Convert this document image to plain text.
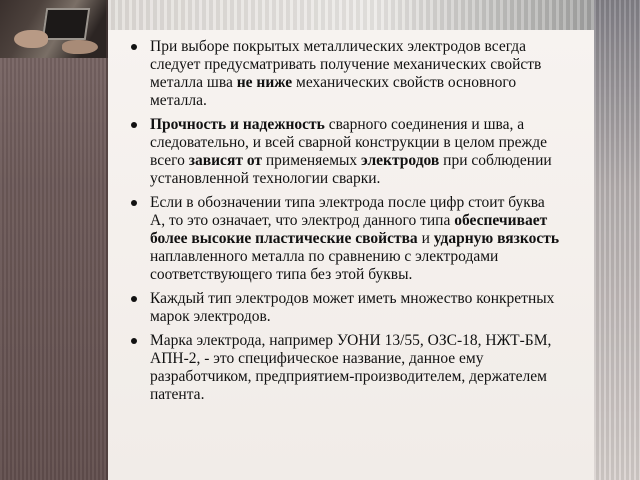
При выборе покрытых металлических электродов всегда следует предусматривать получение механических свойств металла шва не ниже механических свойств основного металла.
Прочность и надежность сварного соединения и шва, а следовательно, и всей сварной конструкции в целом прежде всего зависят от применяемых электродов при соблюдении установленной технологии сварки.
Если в обозначении типа электрода после цифр стоит буква А, то это означает, что электрод данного типа обеспечивает более высокие пластические свойства и ударную вязкость наплавленного металла по сравнению с электродами соответствующего типа без этой буквы.
Каждый тип электродов может иметь множество конкретных марок электродов.
Марка электрода, например УОНИ 13/55, ОЗС-18, НЖТ-БМ, АПН-2, - это специфическое название, данное ему разработчиком, предприятием-производителем, держателем патента.
